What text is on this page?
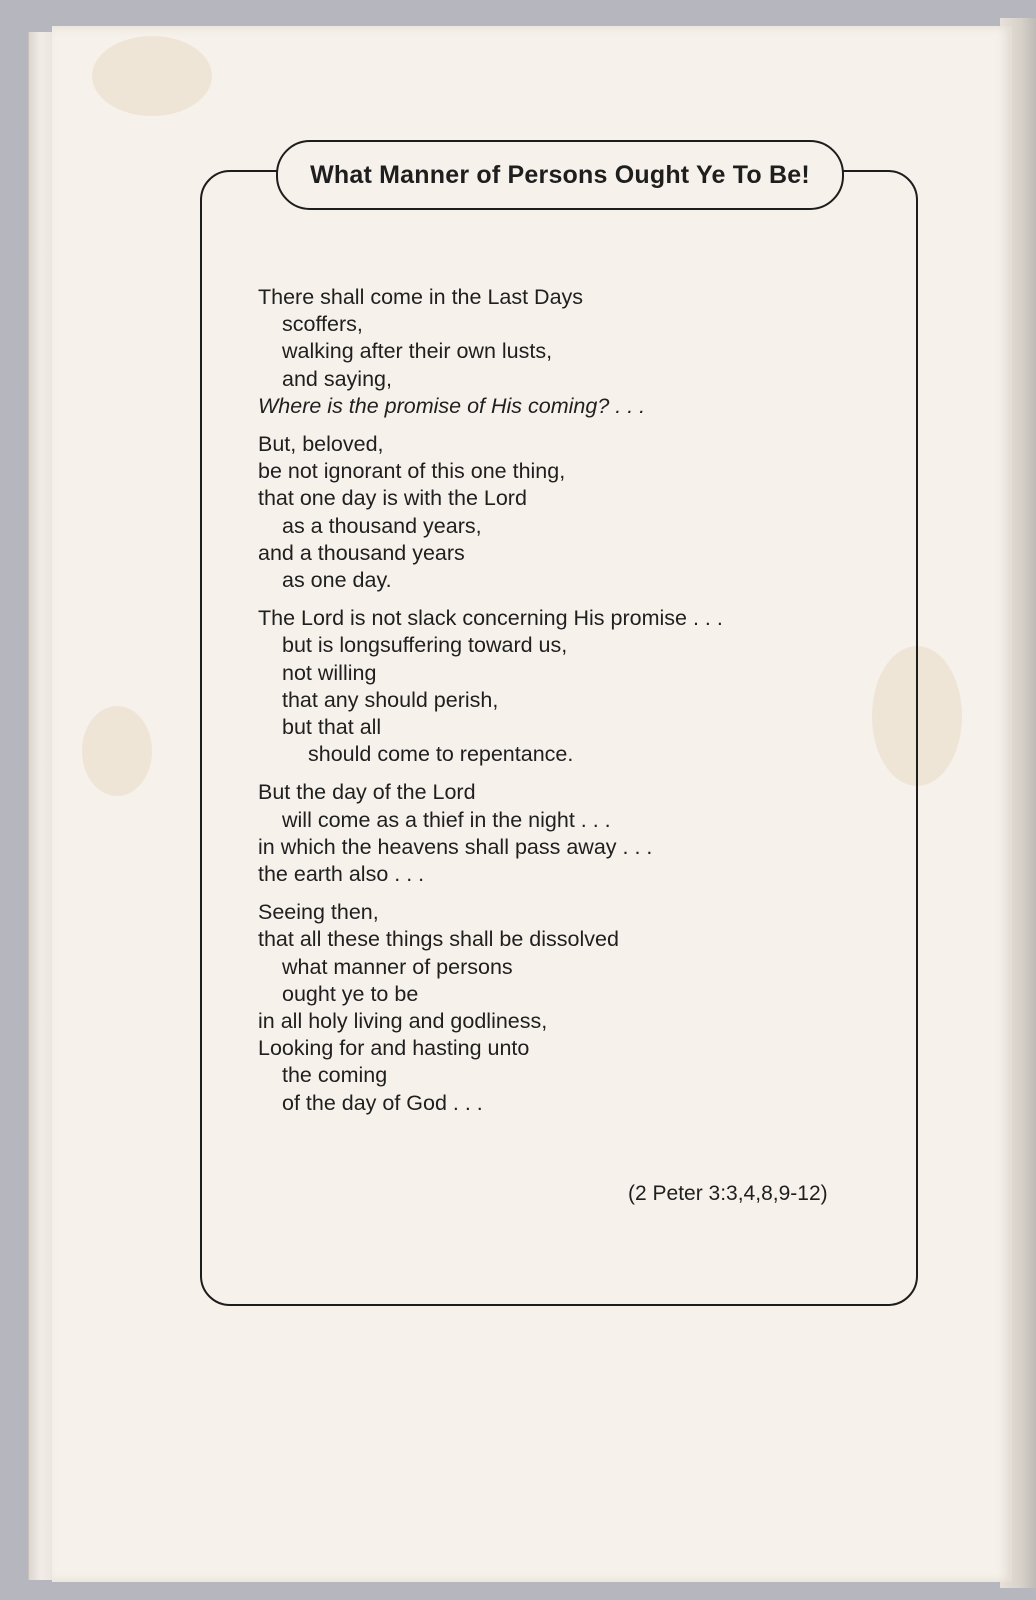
What Manner of Persons Ought Ye To Be!
There shall come in the Last Days
scoffers,
walking after their own lusts,
and saying,
Where is the promise of His coming? . . .
But, beloved,
be not ignorant of this one thing,
that one day is with the Lord
as a thousand years,
and a thousand years
as one day.
The Lord is not slack concerning His promise . . .
but is longsuffering toward us,
not willing
that any should perish,
but that all
should come to repentance.
But the day of the Lord
will come as a thief in the night . . .
in which the heavens shall pass away . . .
the earth also . . .
Seeing then,
that all these things shall be dissolved
what manner of persons
ought ye to be
in all holy living and godliness,
Looking for and hasting unto
the coming
of the day of God . . .
(2 Peter 3:3,4,8,9-12)
